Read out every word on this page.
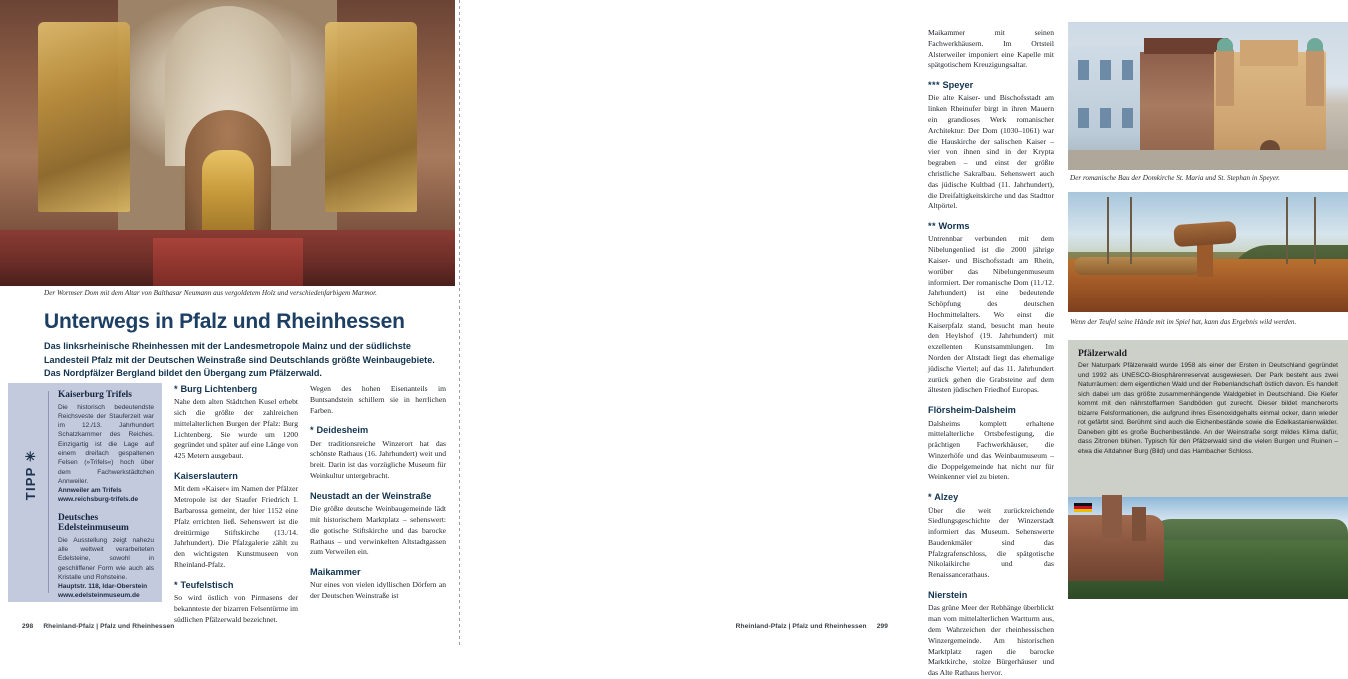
Der Wormser Dom mit dem Altar von Balthasar Neumann aus vergoldetem Holz und verschiedenfarbigem Marmor.
Unterwegs in Pfalz und Rheinhessen
Das linksrheinische Rheinhessen mit der Landesmetropole Mainz und der südlichste Landesteil Pfalz mit der Deutschen Weinstraße sind Deutschlands größte Weinbaugebiete. Das Nordpfälzer Bergland bildet den Übergang zum Pfälzerwald.
TIPP ✳
Kaiserburg Trifels
Die historisch bedeutendste Reichsveste der Stauferzeit war im 12./13. Jahrhundert Schatzkammer des Reiches. Einzigartig ist die Lage auf einem dreifach gespaltenen Felsen (»Trifels«) hoch über dem Fachwerkstädtchen Annweiler.
Annweiler am Trifels
www.reichsburg-trifels.de
Deutsches Edelsteinmuseum
Die Ausstellung zeigt nahezu alle weltweit verarbeiteten Edelsteine, sowohl in geschliffener Form wie auch als Kristalle und Rohsteine.
Hauptstr. 118, Idar-Oberstein
www.edelsteinmuseum.de
* Burg Lichtenberg
Nahe dem alten Städtchen Kusel erhebt sich die größte der zahlreichen mittelalterlichen Burgen der Pfalz: Burg Lichtenberg. Sie wurde um 1200 gegründet und später auf eine Länge von 425 Metern ausgebaut.
Kaiserslautern
Mit dem »Kaiser« im Namen der Pfälzer Metropole ist der Staufer Friedrich I. Barbarossa gemeint, der hier 1152 eine Pfalz errichten ließ. Sehenswert ist die dreitürmige Stiftskirche (13./14. Jahrhundert). Die Pfalzgalerie zählt zu den wichtigsten Kunstmuseen von Rheinland-Pfalz.
* Teufelstisch
So wird östlich von Pirmasens der bekannteste der bizarren Felsentürme im südlichen Pfälzerwald bezeichnet.
Wegen des hohen Eisenanteils im Buntsandstein schillern sie in herrlichen Farben.
* Deidesheim
Der traditionsreiche Winzerort hat das schönste Rathaus (16. Jahrhundert) weit und breit. Darin ist das vorzügliche Museum für Weinkultur untergebracht.
Neustadt an der Weinstraße
Die größte deutsche Weinbaugemeinde lädt mit historischem Marktplatz – sehenswert: die gotische Stiftskirche und das barocke Rathaus – und verwinkelten Altstadtgassen zum Verweilen ein.
Maikammer
Nur eines von vielen idyllischen Dörfern an der Deutschen Weinstraße ist
298 Rheinland-Pfalz | Pfalz und Rheinhessen
Maikammer mit seinen Fachwerkhäusern. Im Ortsteil Alsterweiler imponiert eine Kapelle mit spätgotischem Kreuzigungsaltar.
*** Speyer
Die alte Kaiser- und Bischofsstadt am linken Rheinufer birgt in ihren Mauern ein grandioses Werk romanischer Architektur: Der Dom (1030–1061) war die Hauskirche der salischen Kaiser – vier von ihnen sind in der Krypta begraben – und einst der größte christliche Sakralbau. Sehenswert auch das jüdische Kultbad (11. Jahrhundert), die Dreifaltigkeitskirche und das Stadttor Altpörtel.
** Worms
Untrennbar verbunden mit dem Nibelungenlied ist die 2000 jährige Kaiser- und Bischofsstadt am Rhein, worüber das Nibelungenmuseum informiert. Der romanische Dom (11./12. Jahrhundert) ist eine bedeutende Schöpfung des deutschen Hochmittelalters. Wo einst die Kaiserpfalz stand, besucht man heute den Heylshof (19. Jahrhundert) mit exzellenten Kunstsammlungen. Im Norden der Altstadt liegt das ehemalige jüdische Viertel; auf das 11. Jahrhundert zurück gehen die Grabsteine auf dem ältesten jüdischen Friedhof Europas.
Flörsheim-Dalsheim
Dalsheims komplett erhaltene mittelalterliche Ortsbefestigung, die prächtigen Fachwerkhäuser, die Winzerhöfe und das Weinbaumuseum – die Doppelgemeinde hat nicht nur für Weinkenner viel zu bieten.
* Alzey
Über die weit zurückreichende Siedlungsgeschichte der Winzerstadt informiert das Museum. Sehenswerte Baudenkmäler sind das Pfalzgrafenschloss, die spätgotische Nikolaikirche und das Renaissancerathaus.
Nierstein
Das grüne Meer der Rebhänge überblickt man vom mittelalterlichen Wartturm aus, dem Wahrzeichen der rheinhessischen Winzergemeinde. Am historischen Marktplatz ragen die barocke Marktkirche, stolze Bürgerhäuser und das Alte Rathaus hervor.
Der romanische Bau der Domkirche St. Maria und St. Stephan in Speyer.
Wenn der Teufel seine Hände mit im Spiel hat, kann das Ergebnis wild werden.
Pfälzerwald
Der Naturpark Pfälzerwald wurde 1958 als einer der Ersten in Deutschland gegründet und 1992 als UNESCO-Biosphärenreservat ausgewiesen. Der Park besteht aus zwei Naturräumen: dem eigentlichen Wald und der Rebenlandschaft östlich davon. Es handelt sich dabei um das größte zusammenhängende Waldgebiet in Deutschland. Die Kiefer kommt mit den nährstoffarmen Sandböden gut zurecht. Dieser bildet mancherorts bizarre Felsformationen, die aufgrund ihres Eisenoxidgehalts einmal ocker, dann wieder rot gefärbt sind. Berühmt sind auch die Eichenbestände sowie die Edelkastanienwälder. Daneben gibt es große Buchenbestände. An der Weinstraße sorgt mildes Klima dafür, dass Zitronen blühen. Typisch für den Pfälzerwald sind die vielen Burgen und Ruinen – etwa die Altdahner Burg (Bild) und das Hambacher Schloss.
Rheinland-Pfalz | Pfalz und Rheinhessen 299
